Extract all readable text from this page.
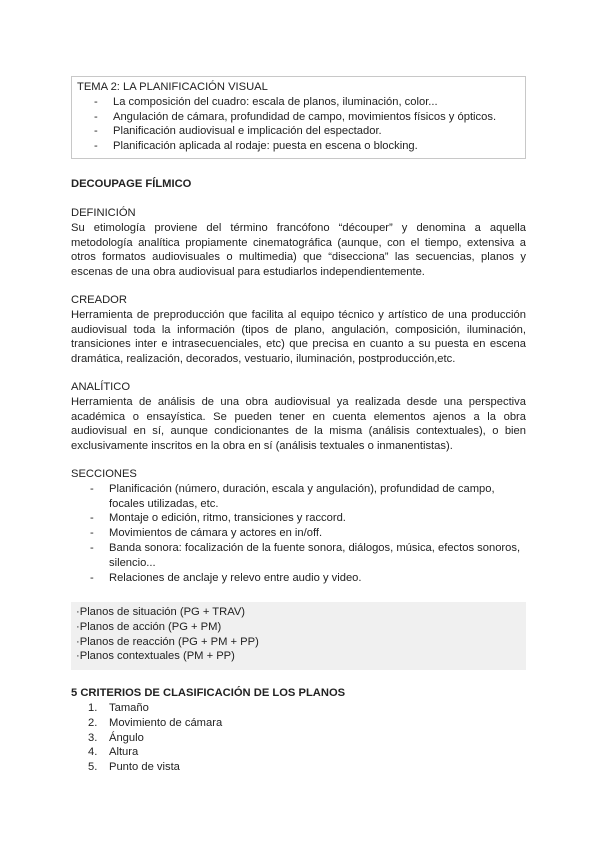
TEMA 2: LA PLANIFICACIÓN VISUAL

- La composición del cuadro: escala de planos, iluminación, color...
- Angulación de cámara, profundidad de campo, movimientos físicos y ópticos.
- Planificación audiovisual e implicación del espectador.
- Planificación aplicada al rodaje: puesta en escena o blocking.

DECOUPAGE FÍLMICO

DEFINICIÓN

Su etimología proviene del término francófono “découper” y denomina a aquella metodología analítica propiamente cinematográfica (aunque, con el tiempo, extensiva a otros formatos audiovisuales o multimedia) que “disecciona” las secuencias, planos y escenas de una obra audiovisual para estudiarlos independientemente.

CREADOR

Herramienta de preproducción que facilita al equipo técnico y artístico de una producción audiovisual toda la información (tipos de plano, angulación, composición, iluminación, transiciones inter e intrasecuenciales, etc) que precisa en cuanto a su puesta en escena dramática, realización, decorados, vestuario, iluminación, postproducción,etc.

ANALÍTICO

Herramienta de análisis de una obra audiovisual ya realizada desde una perspectiva académica o ensayística. Se pueden tener en cuenta elementos ajenos a la obra audiovisual en sí, aunque condicionantes de la misma (análisis contextuales), o bien exclusivamente inscritos en la obra en sí (análisis textuales o inmanentistas).

SECCIONES

- Planificación (número, duración, escala y angulación), profundidad de campo, focales utilizadas, etc.
- Montaje o edición, ritmo, transiciones y raccord.
- Movimientos de cámara y actores en in/off.
- Banda sonora: focalización de la fuente sonora, diálogos, música, efectos sonoros, silencio...
- Relaciones de anclaje y relevo entre audio y video.

·Planos de situación (PG + TRAV)

·Planos de acción (PG + PM)

·Planos de reacción (PG + PM + PP)

·Planos contextuales (PM + PP)

5 CRITERIOS DE CLASIFICACIÓN DE LOS PLANOS

1. Tamaño
2. Movimiento de cámara
3. Ángulo
4. Altura
5. Punto de vista
